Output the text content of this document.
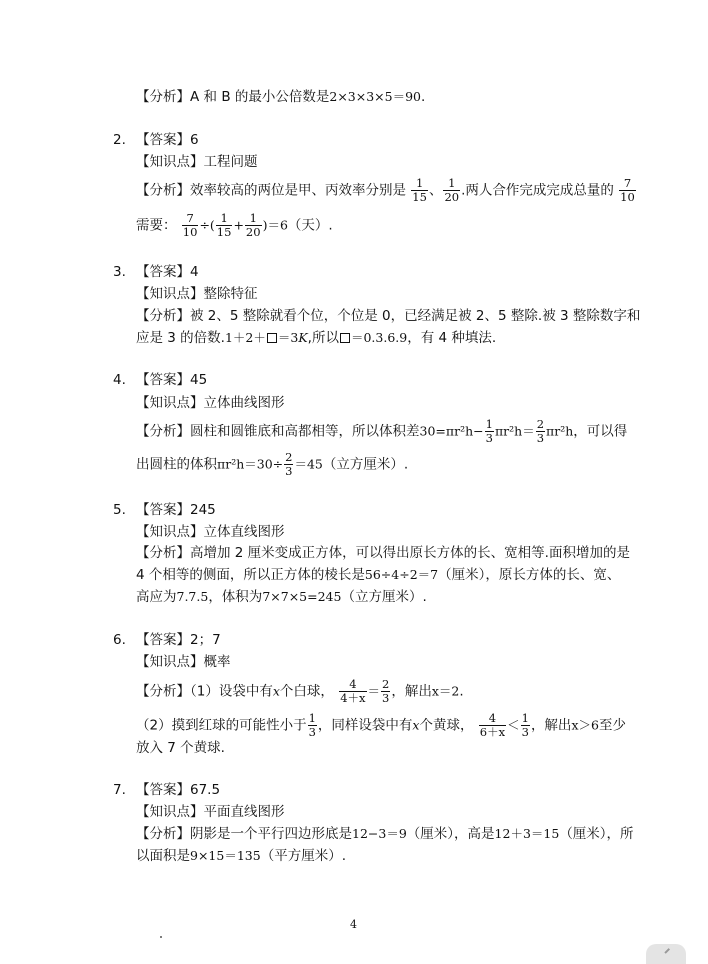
【分析】A 和 B 的最小公倍数是2×3×3×5＝90.
2. 【答案】6
【知识点】工程问题
【分析】效率较高的两位是甲、丙效率分别是 $\frac{1}{15}$ 、 $\frac{1}{20}$ .两人合作完成完成总量的 $\frac{7}{10}$
需要： $\frac{7}{10}$ ÷( $\frac{1}{15} + \frac{1}{20} )=6$（天）.
3. 【答案】4
【知识点】整除特征
【分析】被 2、5 整除就看个位，个位是 0，已经满足被 2、5 整除.被 3 整除数字和
应是 3 的倍数.1＋2＋ ＝3K,所以 ＝0.3.6.9，有 4 种填法.
4. 【答案】45
【知识点】立体曲线图形
【分析】圆柱和圆锥底和高都相等，所以体积差$30=\pi r^2h- \frac{1}{3} \pi r^2h= \frac{2}{3} \pi r^2h$，可以得
出圆柱的体积$\pi r^2h=30\div \frac{2}{3} =45$（立方厘米）.
5. 【答案】245
【知识点】立体直线图形
【分析】高增加 2 厘米变成正方体，可以得出原长方体的长、宽相等.面积增加的是
4 个相等的侧面，所以正方体的棱长是56÷4÷2＝7（厘米），原长方体的长、宽、
高应为7.7.5，体积为7×7×5=245（立方厘米）.
6. 【答案】2；7
【知识点】概率
【分析】（1）设袋中有x个白球， $\frac{4}{4+x} = \frac{2}{3}$ ，解出x＝2.
（2）摸到红球的可能性小于 $\frac{1}{3}$ ，同样设袋中有x个黄球， $\frac{4}{6+x} < \frac{1}{3}$ ，解出x＞6至少
放入 7 个黄球.
7. 【答案】67.5
【知识点】平面直线图形
【分析】阴影是一个平行四边形底是12−3＝9（厘米），高是12＋3＝15（厘米），所
以面积是9×15＝135（平方厘米）.
4
